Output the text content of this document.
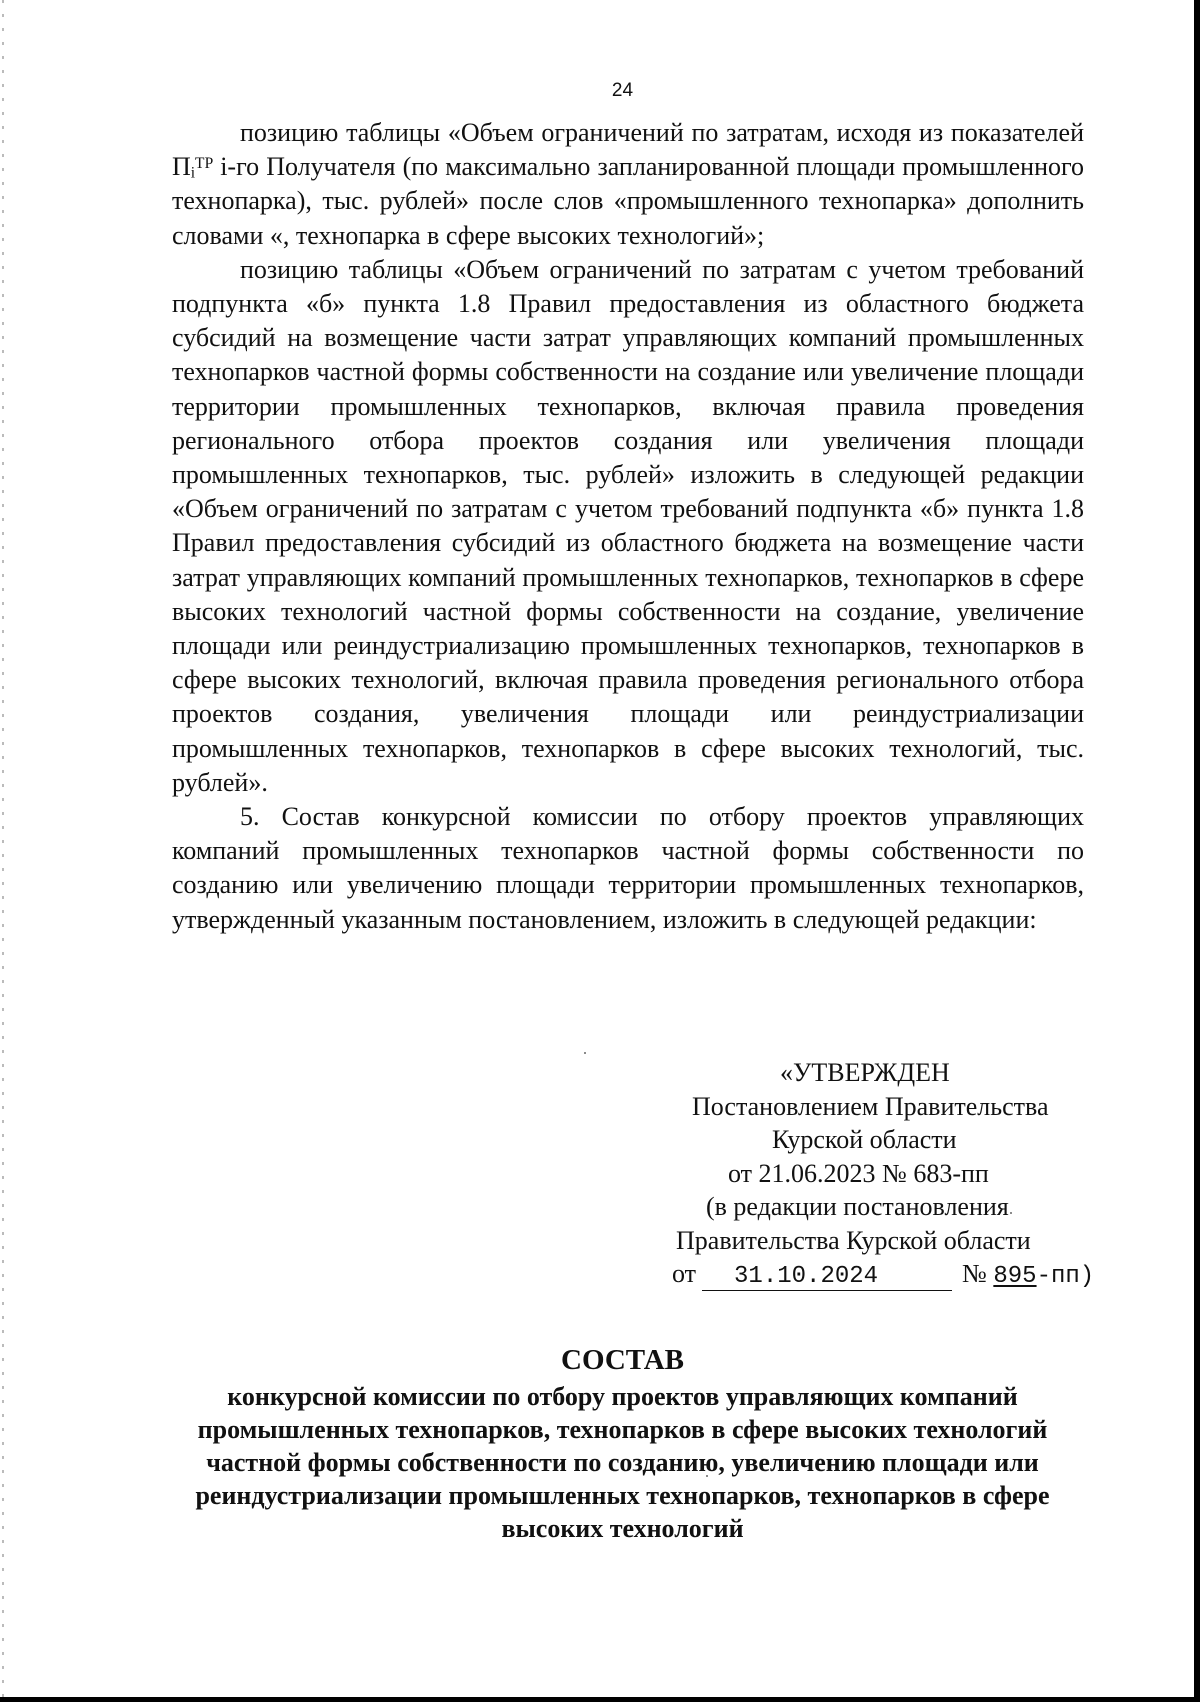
24

позицию таблицы «Объем ограничений по затратам, исходя из показателей Пᵢᵀᴾ i-го Получателя (по максимально запланированной площади промышленного технопарка), тыс. рублей» после слов «промышленного технопарка» дополнить словами «, технопарка в сфере высоких технологий»;

позицию таблицы «Объем ограничений по затратам с учетом требований подпункта «б» пункта 1.8 Правил предоставления из областного бюджета субсидий на возмещение части затрат управляющих компаний промышленных технопарков частной формы собственности на создание или увеличение площади территории промышленных технопарков, включая правила проведения регионального отбора проектов создания или увеличения площади промышленных технопарков, тыс. рублей» изложить в следующей редакции «Объем ограничений по затратам с учетом требований подпункта «б» пункта 1.8 Правил предоставления субсидий из областного бюджета на возмещение части затрат управляющих компаний промышленных технопарков, технопарков в сфере высоких технологий частной формы собственности на создание, увеличение площади или реиндустриализацию промышленных технопарков, технопарков в сфере высоких технологий, включая правила проведения регионального отбора проектов создания, увеличения площади или реиндустриализации промышленных технопарков, технопарков в сфере высоких технологий, тыс. рублей».

5. Состав конкурсной комиссии по отбору проектов управляющих компаний промышленных технопарков частной формы собственности по созданию или увеличению площади территории промышленных технопарков, утвержденный указанным постановлением, изложить в следующей редакции:

«УТВЕРЖДЕН
Постановлением Правительства
Курской области
от 21.06.2023 № 683-пп
(в редакции постановления
Правительства Курской области
от 31.10.2024	№ 895-пп)
СОСТАВ
конкурсной комиссии по отбору проектов управляющих компаний промышленных технопарков, технопарков в сфере высоких технологий частной формы собственности по созданию, увеличению площади или реиндустриализации промышленных технопарков, технопарков в сфере высоких технологий
